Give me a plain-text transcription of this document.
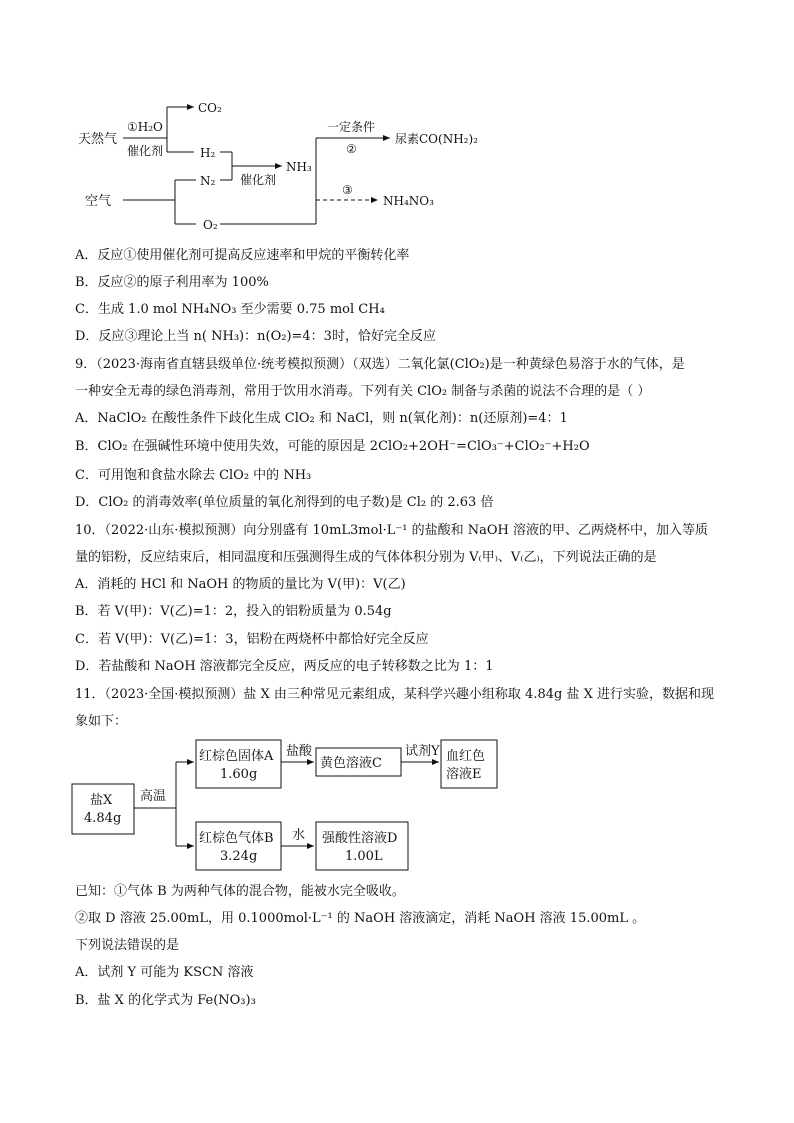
天然气
①H₂O
催化剂
CO₂
H₂
N₂ 催化剂
NH₃
一定条件
②
尿素CO(NH₂)₂
空气
O₂
③
NH₄NO₃
盐X
4.84g
高温
红棕色固体A
1.60g
盐酸
黄色溶液C
试剂Y 血红色
溶液E
红棕色气体B
3.24g
水 强酸性溶液D
1.00L
A．反应①使用催化剂可提高反应速率和甲烷的平衡转化率
B．反应②的原子利用率为 100%
C．生成 1.0 mol NH₄NO₃ 至少需要 0.75 mol CH₄
D．反应③理论上当 n( NH₃)：n(O₂)=4：3时，恰好完全反应
9．（2023·海南省直辖县级单位·统考模拟预测）（双选）二氧化氯(ClO₂)是一种黄绿色易溶于水的气体，是
一种安全无毒的绿色消毒剂，常用于饮用水消毒。下列有关 ClO₂ 制备与杀菌的说法不合理的是（ ）
A．NaClO₂ 在酸性条件下歧化生成 ClO₂ 和 NaCl，则 n(氧化剂)：n(还原剂)=4：1
B．ClO₂ 在强碱性环境中使用失效，可能的原因是 2ClO₂+2OH⁻=ClO₃⁻+ClO₂⁻+H₂O
C．可用饱和食盐水除去 ClO₂ 中的 NH₃
D．ClO₂ 的消毒效率(单位质量的氧化剂得到的电子数)是 Cl₂ 的 2.63 倍
10．（2022·山东·模拟预测）向分别盛有 10mL3mol·L⁻¹ 的盐酸和 NaOH 溶液的甲、乙两烧杯中，加入等质
量的铝粉，反应结束后，相同温度和压强测得生成的气体体积分别为 V₍甲₎、V₍乙₎，下列说法正确的是
A．消耗的 HCl 和 NaOH 的物质的量比为 V(甲)：V(乙)
B．若 V(甲)：V(乙)=1：2，投入的铝粉质量为 0.54g
C．若 V(甲)：V(乙)=1：3，铝粉在两烧杯中都恰好完全反应
D．若盐酸和 NaOH 溶液都完全反应，两反应的电子转移数之比为 1：1
11．（2023·全国·模拟预测）盐 X 由三种常见元素组成，某科学兴趣小组称取 4.84g 盐 X 进行实验，数据和现
象如下：
已知：①气体 B 为两种气体的混合物，能被水完全吸收。
②取 D 溶液 25.00mL，用 0.1000mol·L⁻¹ 的 NaOH 溶液滴定，消耗 NaOH 溶液 15.00mL 。
下列说法错误的是
A．试剂 Y 可能为 KSCN 溶液
B．盐 X 的化学式为 Fe(NO₃)₃
